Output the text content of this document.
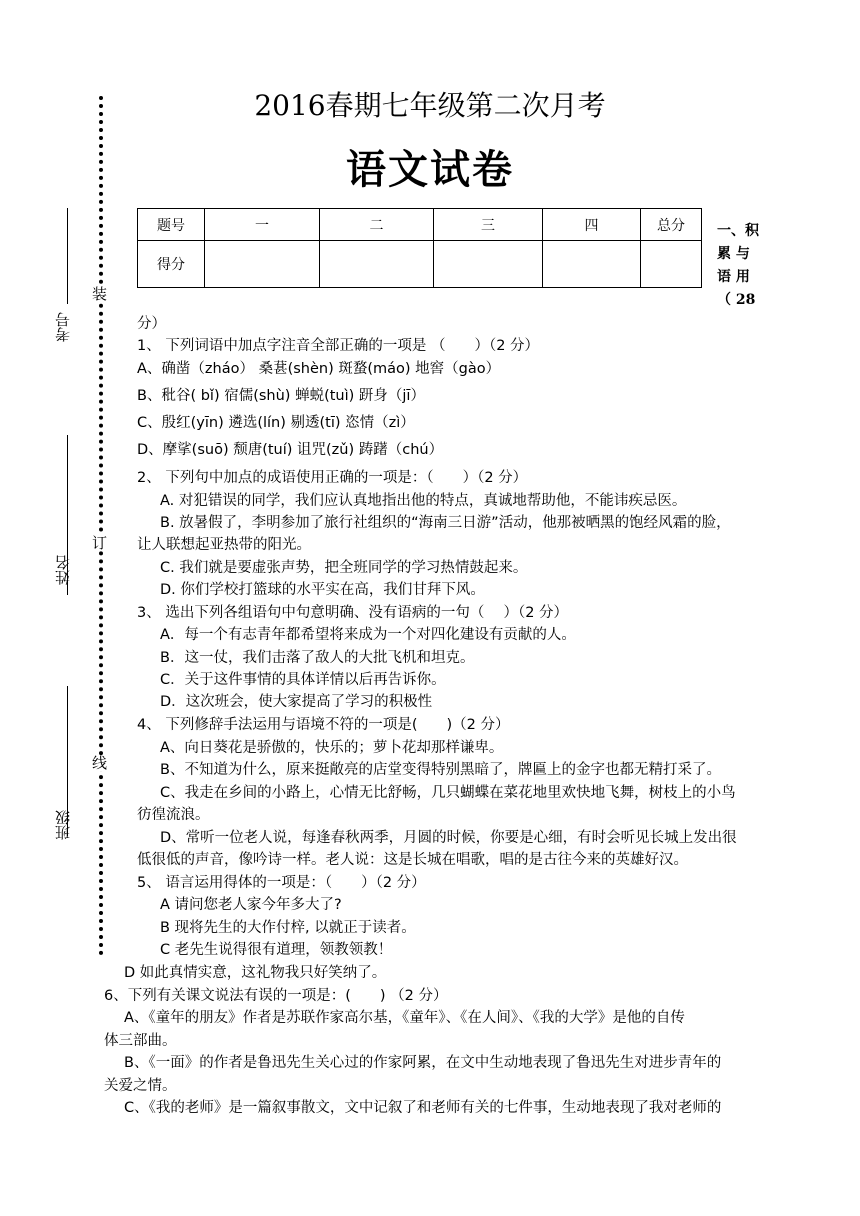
2016春期七年级第二次月考
语文试卷
考号
姓名
班级
装
订
线
题号	一	二	三	四	总分
得分					
一、积
累 与
语 用
（ 28
分）
1、 下列词语中加点字注音全部正确的一项是 （　　）（2 分）
A、确凿（zháo） 桑葚(shèn) 斑蝥(máo) 地窖（gào）
B、秕谷( bǐ) 宿儒(shù) 蝉蜕(tuì) 趼身（jī）
C、殷红(yīn) 遴选(lín) 剔透(tī) 恣情（zì）
D、摩挲(suō) 颓唐(tuí) 诅咒(zǔ) 踌躇（chú）
2、 下列句中加点的成语使用正确的一项是：（　　）（2 分）
A. 对犯错误的同学，我们应认真地指出他的特点，真诚地帮助他，不能讳疾忌医。
B. 放暑假了，李明参加了旅行社组织的“海南三日游”活动，他那被晒黑的饱经风霜的脸，
让人联想起亚热带的阳光。
C. 我们就是要虚张声势，把全班同学的学习热情鼓起来。
D. 你们学校打篮球的水平实在高，我们甘拜下风。
3、 选出下列各组语句中句意明确、没有语病的一句（　 ）（2 分）
A．每一个有志青年都希望将来成为一个对四化建设有贡献的人。
B．这一仗，我们击落了敌人的大批飞机和坦克。
C．关于这件事情的具体详情以后再告诉你。
D．这次班会，使大家提高了学习的积极性
4、 下列修辞手法运用与语境不符的一项是(　　)（2 分）
A、向日葵花是骄傲的，快乐的；萝卜花却那样谦卑。
B、不知道为什么，原来挺敞亮的店堂变得特别黑暗了，牌匾上的金字也都无精打采了。
C、我走在乡间的小路上，心情无比舒畅，几只蝴蝶在菜花地里欢快地飞舞，树枝上的小鸟
彷徨流浪。
D、常听一位老人说，每逢春秋两季，月圆的时候，你要是心细，有时会听见长城上发出很
低很低的声音，像吟诗一样。老人说：这是长城在唱歌，唱的是古往今来的英雄好汉。
5、 语言运用得体的一项是：（　　）（2 分）
A 请问您老人家今年多大了?
B 现将先生的大作付梓, 以就正于读者。
C 老先生说得很有道理，领教领教！
D 如此真情实意，这礼物我只好笑纳了。
6、下列有关课文说法有误的一项是：(　　) （2 分）
A、《童年的朋友》作者是苏联作家高尔基，《童年》、《在人间》、《我的大学》是他的自传
体三部曲。
B、《一面》的作者是鲁迅先生关心过的作家阿累，在文中生动地表现了鲁迅先生对进步青年的
关爱之情。
C、《我的老师》是一篇叙事散文，文中记叙了和老师有关的七件事，生动地表现了我对老师的
